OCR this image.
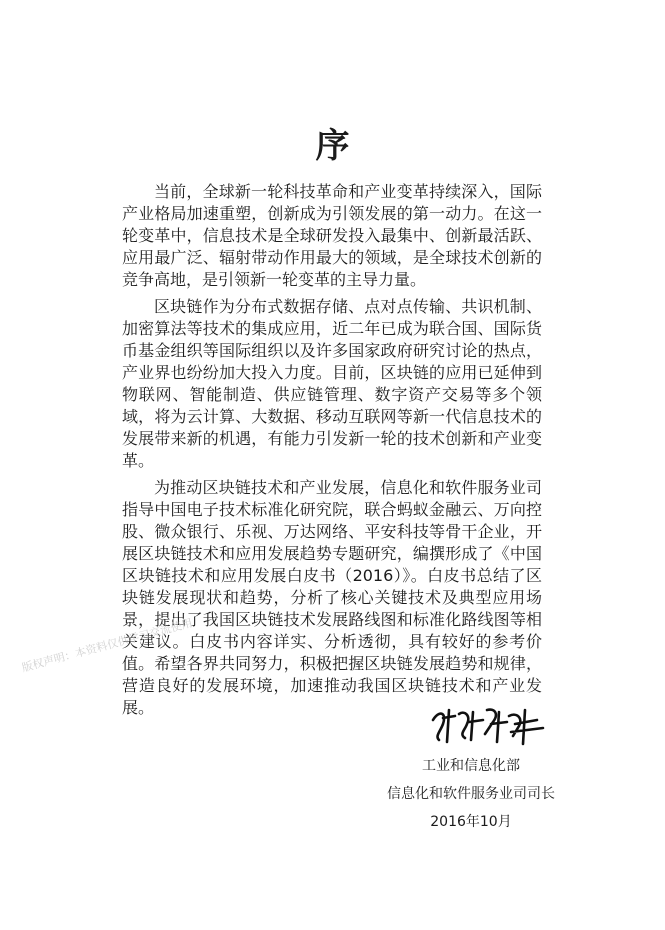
序

当前，全球新一轮科技革命和产业变革持续深入，国际产业格局加速重塑，创新成为引领发展的第一动力。在这一轮变革中，信息技术是全球研发投入最集中、创新最活跃、应用最广泛、辐射带动作用最大的领域，是全球技术创新的竞争高地，是引领新一轮变革的主导力量。

区块链作为分布式数据存储、点对点传输、共识机制、加密算法等技术的集成应用，近二年已成为联合国、国际货币基金组织等国际组织以及许多国家政府研究讨论的热点，产业界也纷纷加大投入力度。目前，区块链的应用已延伸到物联网、智能制造、供应链管理、数字资产交易等多个领域，将为云计算、大数据、移动互联网等新一代信息技术的发展带来新的机遇，有能力引发新一轮的技术创新和产业变革。

为推动区块链技术和产业发展，信息化和软件服务业司指导中国电子技术标准化研究院，联合蚂蚁金融云、万向控股、微众银行、乐视、万达网络、平安科技等骨干企业，开展区块链技术和应用发展趋势专题研究，编撰形成了《中国区块链技术和应用发展白皮书（2016）》。白皮书总结了区块链发展现状和趋势，分析了核心关键技术及典型应用场景，提出了我国区块链技术发展路线图和标准化路线图等相关建议。白皮书内容详实、分析透彻，具有较好的参考价值。希望各界共同努力，积极把握区块链发展趋势和规律，营造良好的发展环境，加速推动我国区块链技术和产业发展。

工业和信息化部
信息化和软件服务业司司长
2016年10月
版权声明：本资料仅供学习交流使用
